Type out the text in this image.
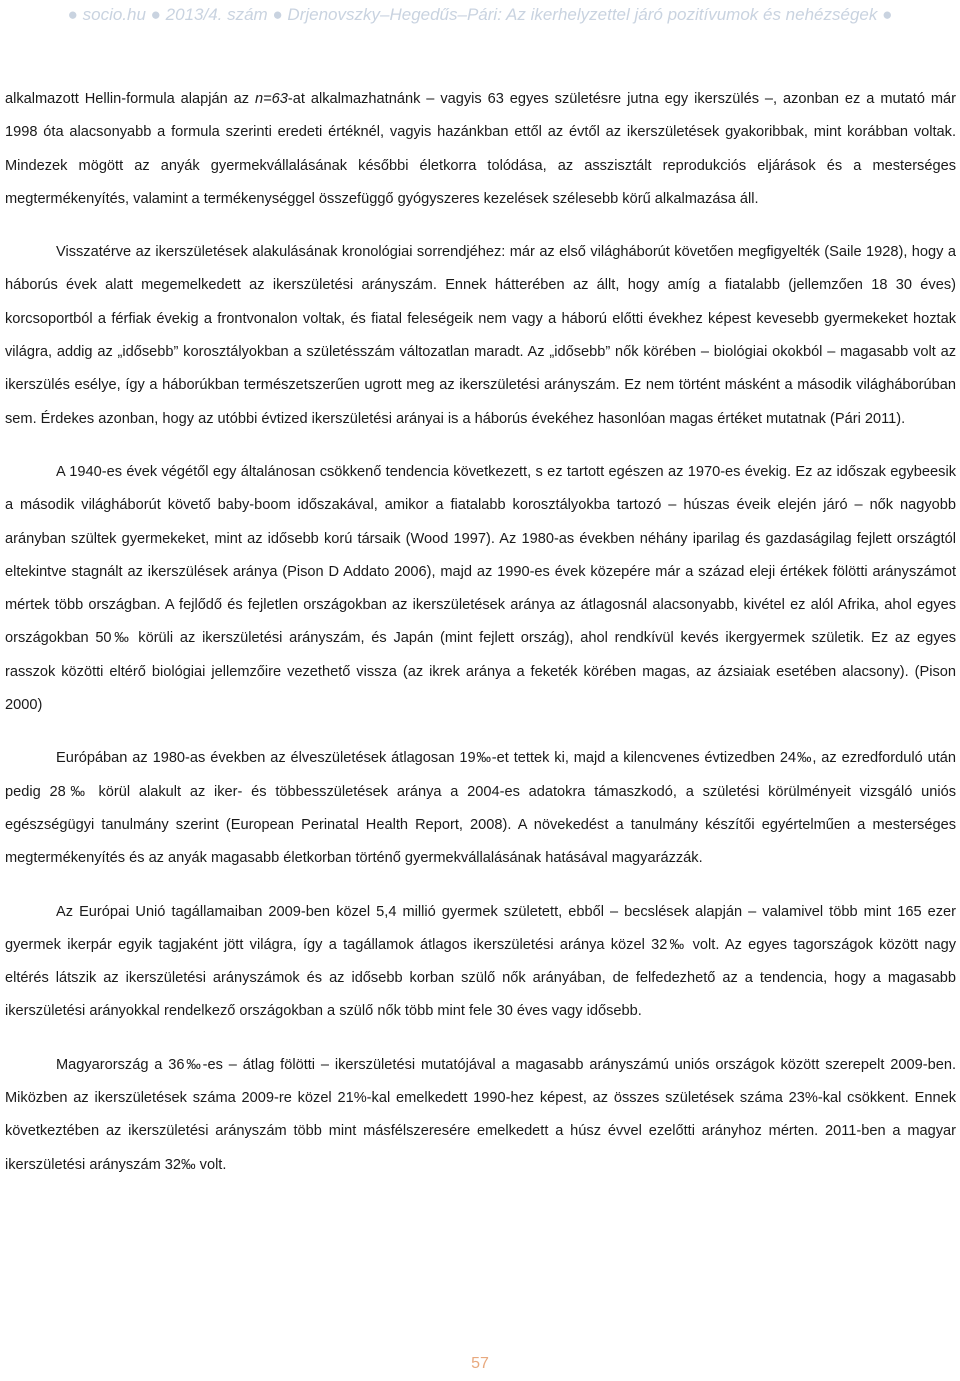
● socio.hu ● 2013/4. szám ● Drjenovszky–Hegedűs–Pári: Az ikerhelyzettel járó pozitívumok és nehézségek ●

alkalmazott Hellin-formula alapján az n=63-at alkalmazhatnánk – vagyis 63 egyes születésre jutna egy ikerszülés –, azonban ez a mutató már 1998 óta alacsonyabb a formula szerinti eredeti értéknél, vagyis hazánkban ettől az évtől az ikerszületések gyakoribbak, mint korábban voltak. Mindezek mögött az anyák gyermekvállalásának későbbi életkorra tolódása, az asszisztált reprodukciós eljárások és a mesterséges megtermékenyítés, valamint a termékenységgel összefüggő gyógyszeres kezelések szélesebb körű alkalmazása áll.

Visszatérve az ikerszületések alakulásának kronológiai sorrendjéhez: már az első világháborút követően megfigyelték (Saile 1928), hogy a háborús évek alatt megemelkedett az ikerszületési arányszám. Ennek hátterében az állt, hogy amíg a fiatalabb (jellemzően 18 30 éves) korcsoportból a férfiak évekig a frontvonalon voltak, és fiatal feleségeik nem vagy a háború előtti évekhez képest kevesebb gyermekeket hoztak világra, addig az „idősebb” korosztályokban a születésszám változatlan maradt. Az „idősebb” nők körében – biológiai okokból – magasabb volt az ikerszülés esélye, így a háborúkban természetszerűen ugrott meg az ikerszületési arányszám. Ez nem történt másként a második világháborúban sem. Érdekes azonban, hogy az utóbbi évtized ikerszületési arányai is a háborús évekéhez hasonlóan magas értéket mutatnak (Pári 2011).

A 1940-es évek végétől egy általánosan csökkenő tendencia következett, s ez tartott egészen az 1970-es évekig. Ez az időszak egybeesik a második világháborút követő baby-boom időszakával, amikor a fiatalabb korosztályokba tartozó – húszas éveik elején járó – nők nagyobb arányban szültek gyermekeket, mint az idősebb korú társaik (Wood 1997). Az 1980-as években néhány iparilag és gazdaságilag fejlett országtól eltekintve stagnált az ikerszülések aránya (Pison D Addato 2006), majd az 1990-es évek közepére már a század eleji értékek fölötti arányszámot mértek több országban. A fejlődő és fejletlen országokban az ikerszületések aránya az átlagosnál alacsonyabb, kivétel ez alól Afrika, ahol egyes országokban 50‰ körüli az ikerszületési arányszám, és Japán (mint fejlett ország), ahol rendkívül kevés ikergyermek születik. Ez az egyes rasszok közötti eltérő biológiai jellemzőire vezethető vissza (az ikrek aránya a feketék körében magas, az ázsiaiak esetében alacsony). (Pison 2000)

Európában az 1980-as években az élveszületések átlagosan 19‰-et tettek ki, majd a kilencvenes évtizedben 24‰, az ezredforduló után pedig 28‰ körül alakult az iker- és többesszületések aránya a 2004-es adatokra támaszkodó, a születési körülményeit vizsgáló uniós egészségügyi tanulmány szerint (European Perinatal Health Report, 2008). A növekedést a tanulmány készítői egyértelműen a mesterséges megtermékenyítés és az anyák magasabb életkorban történő gyermekvállalásának hatásával magyarázzák.

Az Európai Unió tagállamaiban 2009-ben közel 5,4 millió gyermek született, ebből – becslések alapján – valamivel több mint 165 ezer gyermek ikerpár egyik tagjaként jött világra, így a tagállamok átlagos ikerszületési aránya közel 32‰ volt. Az egyes tagországok között nagy eltérés látszik az ikerszületési arányszámok és az idősebb korban szülő nők arányában, de felfedezhető az a tendencia, hogy a magasabb ikerszületési arányokkal rendelkező országokban a szülő nők több mint fele 30 éves vagy idősebb.

Magyarország a 36‰-es – átlag fölötti – ikerszületési mutatójával a magasabb arányszámú uniós országok között szerepelt 2009-ben. Miközben az ikerszületések száma 2009-re közel 21%-kal emelkedett 1990-hez képest, az összes születések száma 23%-kal csökkent. Ennek következtében az ikerszületési arányszám több mint másfélszeresére emelkedett a húsz évvel ezelőtti arányhoz mérten. 2011-ben a magyar ikerszületési arányszám 32‰ volt.

57
